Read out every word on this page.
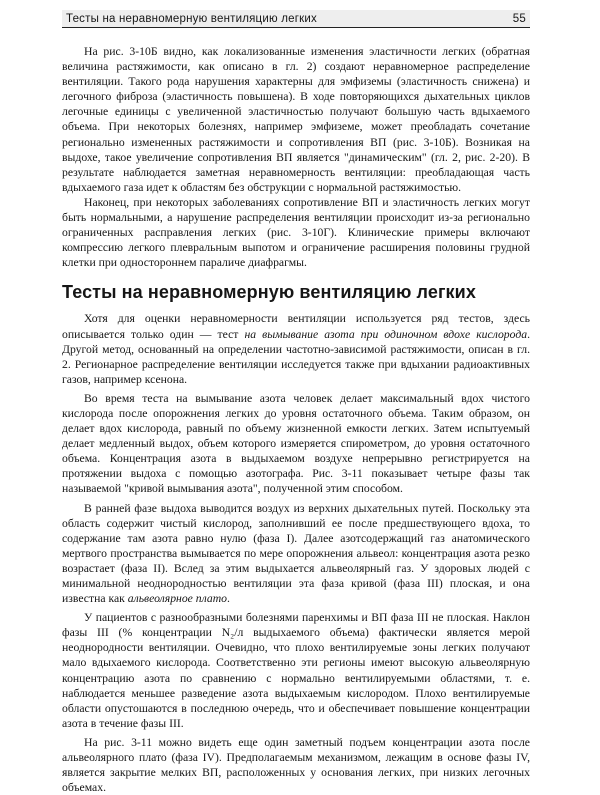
Тесты на неравномерную вентиляцию легких	55

На рис. 3-10Б видно, как локализованные изменения эластичности легких (обратная величина растяжимости, как описано в гл. 2) создают неравномерное распределение вентиляции. Такого рода нарушения характерны для эмфиземы (эластичность снижена) и легочного фиброза (эластичность повышена). В ходе повторяющихся дыхательных циклов легочные единицы с увеличенной эластичностью получают большую часть вдыхаемого объема. При некоторых болезнях, например эмфиземе, может преобладать сочетание регионально измененных растяжимости и сопротивления ВП (рис. 3-10Б). Возникая на выдохе, такое увеличение сопротивления ВП является "динамическим" (гл. 2, рис. 2-20). В результате наблюдается заметная неравномерность вентиляции: преобладающая часть вдыхаемого газа идет к областям без обструкции с нормальной растяжимостью.

Наконец, при некоторых заболеваниях сопротивление ВП и эластичность легких могут быть нормальными, а нарушение распределения вентиляции происходит из-за регионально ограниченных расправления легких (рис. 3-10Г). Клинические примеры включают компрессию легкого плевральным выпотом и ограничение расширения половины грудной клетки при одностороннем параличе диафрагмы.

Тесты на неравномерную вентиляцию легких

Хотя для оценки неравномерности вентиляции используется ряд тестов, здесь описывается только один — тест на вымывание азота при одиночном вдохе кислорода. Другой метод, основанный на определении частотно-зависимой растяжимости, описан в гл. 2. Регионарное распределение вентиляции исследуется также при вдыхании радиоактивных газов, например ксенона.

Во время теста на вымывание азота человек делает максимальный вдох чистого кислорода после опорожнения легких до уровня остаточного объема. Таким образом, он делает вдох кислорода, равный по объему жизненной емкости легких. Затем испытуемый делает медленный выдох, объем которого измеряется спирометром, до уровня остаточного объема. Концентрация азота в выдыхаемом воздухе непрерывно регистрируется на протяжении выдоха с помощью азотографа. Рис. 3-11 показывает четыре фазы так называемой "кривой вымывания азота", полученной этим способом.

В ранней фазе выдоха выводится воздух из верхних дыхательных путей. Поскольку эта область содержит чистый кислород, заполнивший ее после предшествующего вдоха, то содержание там азота равно нулю (фаза I). Далее азотсодержащий газ анатомического мертвого пространства вымывается по мере опорожнения альвеол: концентрация азота резко возрастает (фаза II). Вслед за этим выдыхается альвеолярный газ. У здоровых людей с минимальной неоднородностью вентиляции эта фаза кривой (фаза III) плоская, и она известна как альвеолярное плато.

У пациентов с разнообразными болезнями паренхимы и ВП фаза III не плоская. Наклон фазы III (% концентрации N₂/л выдыхаемого объема) фактически является мерой неоднородности вентиляции. Очевидно, что плохо вентилируемые зоны легких получают мало вдыхаемого кислорода. Соответственно эти регионы имеют высокую альвеолярную концентрацию азота по сравнению с нормально вентилируемыми областями, т. е. наблюдается меньшее разведение азота выдыхаемым кислородом. Плохо вентилируемые области опустошаются в последнюю очередь, что и обеспечивает повышение концентрации азота в течение фазы III.

На рис. 3-11 можно видеть еще один заметный подъем концентрации азота после альвеолярного плато (фаза IV). Предполагаемым механизмом, лежащим в основе фазы IV, является закрытие мелких ВП, расположенных у основания легких, при низких легочных объемах.
